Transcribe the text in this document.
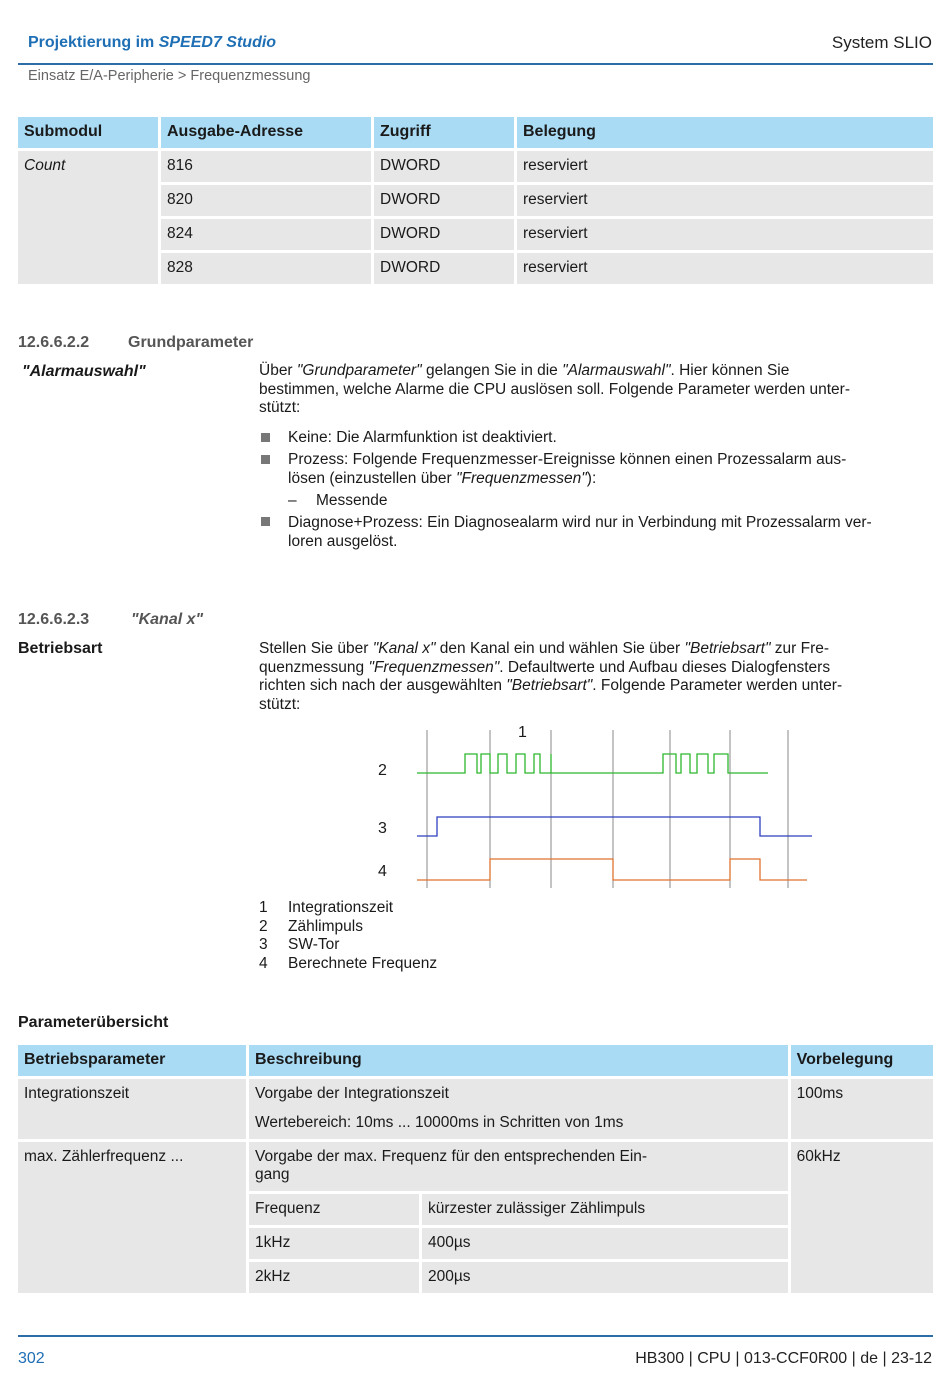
Projektierung im SPEED7 Studio	System SLIO
Einsatz E/A-Peripherie > Frequenzmessung
Submodul	Ausgabe-Adresse	Zugriff	Belegung
Count	816	DWORD	reserviert
	820	DWORD	reserviert
	824	DWORD	reserviert
	828	DWORD	reserviert
12.6.6.2.2 Grundparameter
"Alarmauswahl"	Über "Grundparameter" gelangen Sie in die "Alarmauswahl". Hier können Sie
bestimmen, welche Alarme die CPU auslösen soll. Folgende Parameter werden unter-
stützt:
Keine: Die Alarmfunktion ist deaktiviert.
Prozess: Folgende Frequenzmesser-Ereignisse können einen Prozessalarm aus-
lösen (einzustellen über "Frequenzmessen"):
– Messende
Diagnose+Prozess: Ein Diagnosealarm wird nur in Verbindung mit Prozessalarm ver-
loren ausgelöst.
12.6.6.2.3	"Kanal x"
Betriebsart	Stellen Sie über "Kanal x" den Kanal ein und wählen Sie über "Betriebsart" zur Fre-
quenzmessung "Frequenzmessen". Defaultwerte und Aufbau dieses Dialogfensters
richten sich nach der ausgewählten "Betriebsart". Folgende Parameter werden unter-
stützt:
1
2
3
4
1 Integrationszeit
2 Zählimpuls
3 SW-Tor
4 Berechnete Frequenz
Parameterübersicht
Betriebsparameter	Beschreibung		Vorbelegung
Integrationszeit	Vorgabe der Integrationszeit
Wertebereich: 10ms ... 10000ms in Schritten von 1ms		100ms
max. Zählerfrequenz ...	Vorgabe der max. Frequenz für den entsprechenden Ein-
gang		60kHz
	Frequenz	kürzester zulässiger Zählimpuls	
	1kHz	400µs	
	2kHz	200µs	
302	HB300 | CPU | 013-CCF0R00 | de | 23-12
